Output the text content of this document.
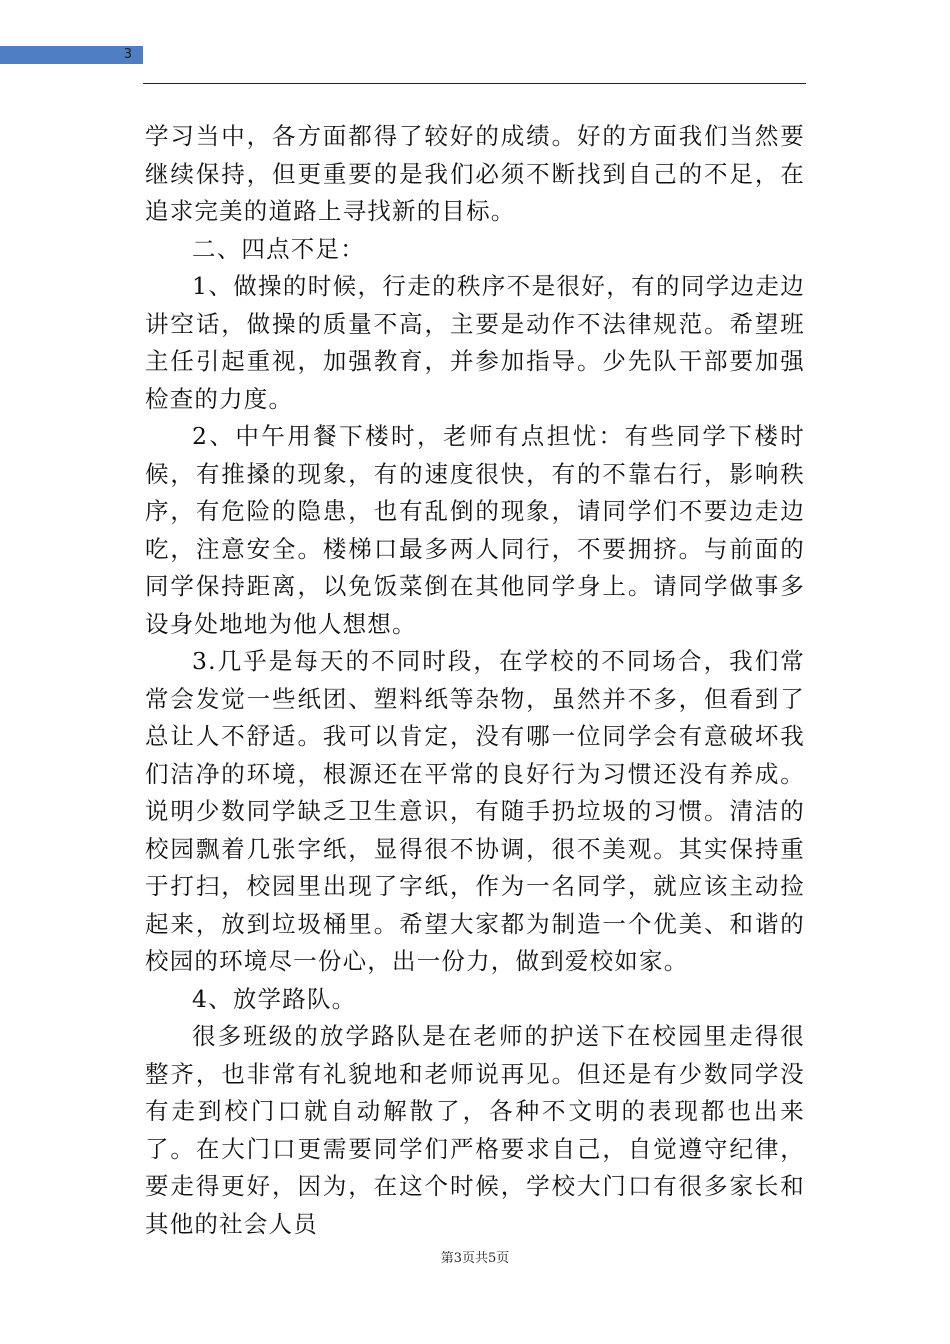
3

学习当中，各方面都得了较好的成绩。好的方面我们当然要继续保持，但更重要的是我们必须不断找到自己的不足，在追求完美的道路上寻找新的目标。

二、四点不足：

1、做操的时候，行走的秩序不是很好，有的同学边走边讲空话，做操的质量不高，主要是动作不法律规范。希望班主任引起重视，加强教育，并参加指导。少先队干部要加强检查的力度。

2、中午用餐下楼时，老师有点担忧：有些同学下楼时候，有推搡的现象，有的速度很快，有的不靠右行，影响秩序，有危险的隐患，也有乱倒的现象，请同学们不要边走边吃，注意安全。楼梯口最多两人同行，不要拥挤。与前面的同学保持距离，以免饭菜倒在其他同学身上。请同学做事多设身处地地为他人想想。

3.几乎是每天的不同时段，在学校的不同场合，我们常常会发觉一些纸团、塑料纸等杂物，虽然并不多，但看到了总让人不舒适。我可以肯定，没有哪一位同学会有意破坏我们洁净的环境，根源还在平常的良好行为习惯还没有养成。说明少数同学缺乏卫生意识，有随手扔垃圾的习惯。清洁的校园飘着几张字纸，显得很不协调，很不美观。其实保持重于打扫，校园里出现了字纸，作为一名同学，就应该主动捡起来，放到垃圾桶里。希望大家都为制造一个优美、和谐的校园的环境尽一份心，出一份力，做到爱校如家。

4、放学路队。

很多班级的放学路队是在老师的护送下在校园里走得很整齐，也非常有礼貌地和老师说再见。但还是有少数同学没有走到校门口就自动解散了，各种不文明的表现都也出来了。在大门口更需要同学们严格要求自己，自觉遵守纪律，要走得更好，因为，在这个时候，学校大门口有很多家长和其他的社会人员

第3页共5页
